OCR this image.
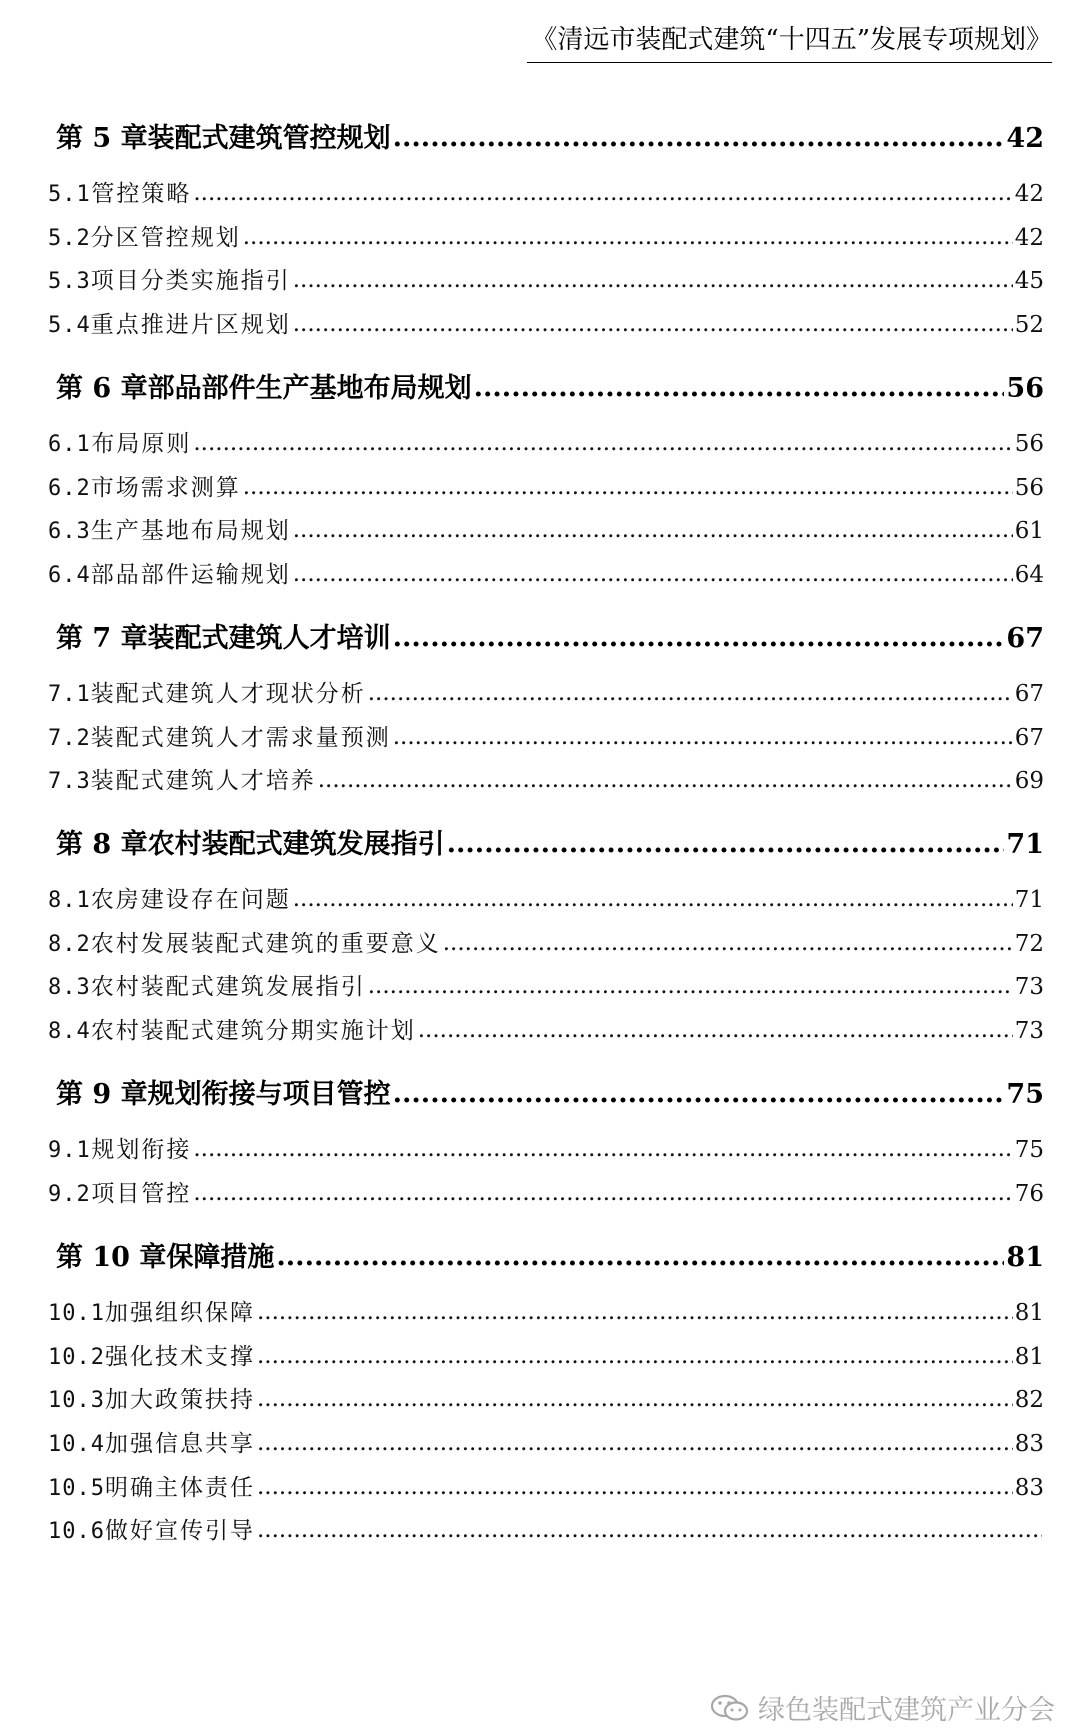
《清远市装配式建筑“十四五”发展专项规划》
第 5 章 装配式建筑管控规划 .....	42
5.1 管控策略 .....	42
5.2 分区管控规划 .....	42
5.3 项目分类实施指引 .....	45
5.4 重点推进片区规划 .....	52
第 6 章 部品部件生产基地布局规划 .....	56
6.1 布局原则 .....	56
6.2 市场需求测算 .....	56
6.3 生产基地布局规划 .....	61
6.4 部品部件运输规划 .....	64
第 7 章 装配式建筑人才培训 .....	67
7.1 装配式建筑人才现状分析 .....	67
7.2 装配式建筑人才需求量预测 .....	67
7.3 装配式建筑人才培养 .....	69
第 8 章 农村装配式建筑发展指引 .....	71
8.1 农房建设存在问题 .....	71
8.2 农村发展装配式建筑的重要意义 .....	72
8.3 农村装配式建筑发展指引 .....	73
8.4 农村装配式建筑分期实施计划 .....	73
第 9 章 规划衔接与项目管控 .....	75
9.1 规划衔接 .....	75
9.2 项目管控 .....	76
第 10 章 保障措施 .....	81
10.1 加强组织保障 .....	81
10.2 强化技术支撑 .....	81
10.3 加大政策扶持 .....	82
10.4 加强信息共享 .....	83
10.5 明确主体责任 .....	83
10.6 做好宣传引导
.....
绿色装配式建筑产业分会
